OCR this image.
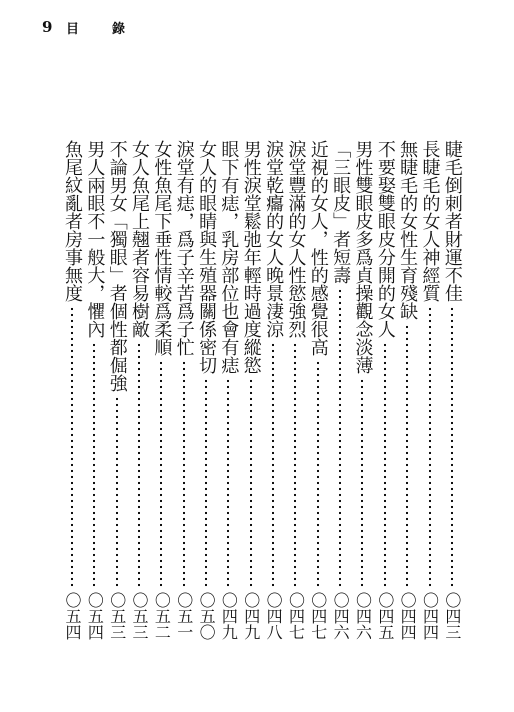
9 目	錄
睫毛倒刺者財運不佳
〇四三
長睫毛的女人神經質
〇四四
無睫毛的女性生育殘缺
〇四四
不要娶雙眼皮分開的女人
〇四五
男性雙眼皮多爲貞操觀念淡薄
〇四六
「三眼皮」者短壽
〇四六
近視的女人，性的感覺很高
〇四七
淚堂豐滿的女人性慾強烈
〇四七
淚堂乾癟的女人晚景淒涼
〇四八
男性淚堂鬆弛年輕時過度縱慾
〇四九
眼下有痣，乳房部位也會有痣
〇四九
女人的眼睛與生殖器關係密切
〇五〇
淚堂有痣，爲子辛苦爲子忙
〇五一
女性魚尾下垂性情較爲柔順
〇五二
女人魚尾上翹者容易樹敵
〇五三
不論男女「獨眼」者個性都倔強
〇五三
男人兩眼不一般大，懼內
〇五四
魚尾紋亂者房事無度
〇五四
